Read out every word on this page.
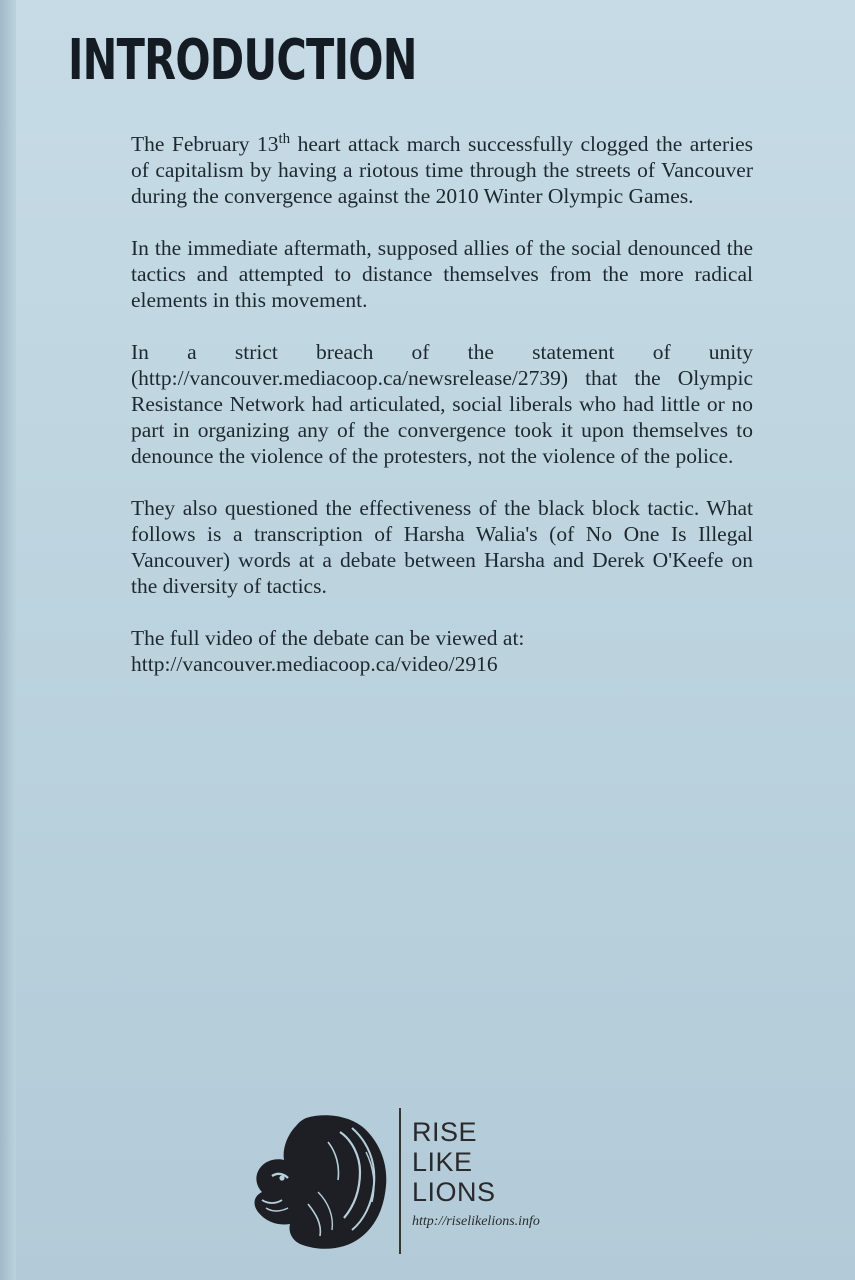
INTRODUCTION

The February 13th heart attack march successfully clogged the arteries of capitalism by having a riotous time through the streets of Vancouver during the convergence against the 2010 Winter Olympic Games.

In the immediate aftermath, supposed allies of the social denounced the tactics and attempted to distance themselves from the more radical elements in this movement.

In a strict breach of the statement of unity (http://vancouver.mediacoop.ca/newsrelease/2739) that the Olympic Resistance Network had articulated, social liberals who had little or no part in organizing any of the convergence took it upon themselves to denounce the violence of the protesters, not the violence of the police.

They also questioned the effectiveness of the black block tactic. What follows is a transcription of Harsha Walia's (of No One Is Illegal Vancouver) words at a debate between Harsha and Derek O'Keefe on the diversity of tactics.

The full video of the debate can be viewed at:
http://vancouver.mediacoop.ca/video/2916

RISE
LIKE
LIONS
http://riselikelions.info
